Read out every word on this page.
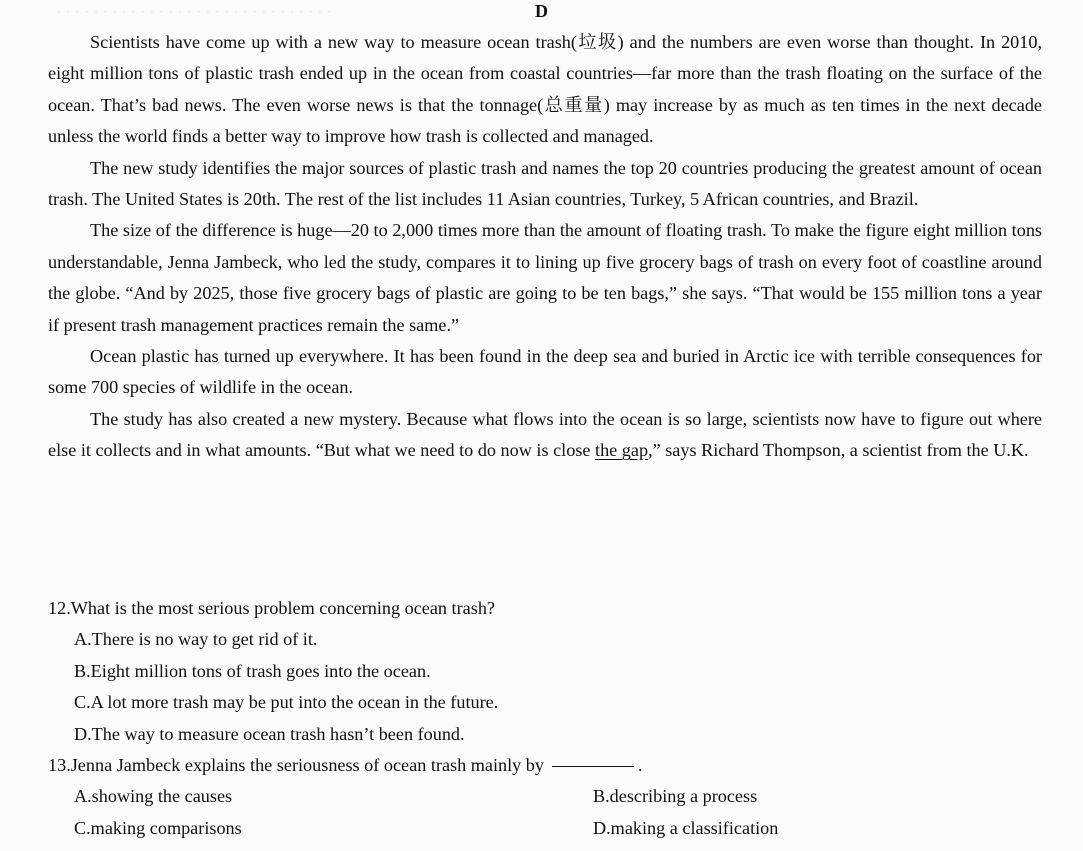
· · · · · · · · · · · · · · · · · · · · · · · · · · · · · ·	D

Scientists have come up with a new way to measure ocean trash(垃圾) and the numbers are even worse than thought. In 2010, eight million tons of plastic trash ended up in the ocean from coastal countries—far more than the trash floating on the surface of the ocean. That’s bad news. The even worse news is that the tonnage(总重量) may increase by as much as ten times in the next decade unless the world finds a better way to improve how trash is collected and managed.

The new study identifies the major sources of plastic trash and names the top 20 countries producing the greatest amount of ocean trash. The United States is 20th. The rest of the list includes 11 Asian countries, Turkey, 5 African countries, and Brazil.

The size of the difference is huge—20 to 2,000 times more than the amount of floating trash. To make the figure eight million tons understandable, Jenna Jambeck, who led the study, compares it to lining up five grocery bags of trash on every foot of coastline around the globe. “And by 2025, those five grocery bags of plastic are going to be ten bags,” she says. “That would be 155 million tons a year if present trash management practices remain the same.”

Ocean plastic has turned up everywhere. It has been found in the deep sea and buried in Arctic ice with terrible consequences for some 700 species of wildlife in the ocean.

The study has also created a new mystery. Because what flows into the ocean is so large, scientists now have to figure out where else it collects and in what amounts. “But what we need to do now is close the gap,” says Richard Thompson, a scientist from the U.K.

12.What is the most serious problem concerning ocean trash?
A.There is no way to get rid of it.
B.Eight million tons of trash goes into the ocean.
C.A lot more trash may be put into the ocean in the future.
D.The way to measure ocean trash hasn’t been found.
13.Jenna Jambeck explains the seriousness of ocean trash mainly by	.
A.showing the causes	B.describing a process
C.making comparisons	D.making a classification
